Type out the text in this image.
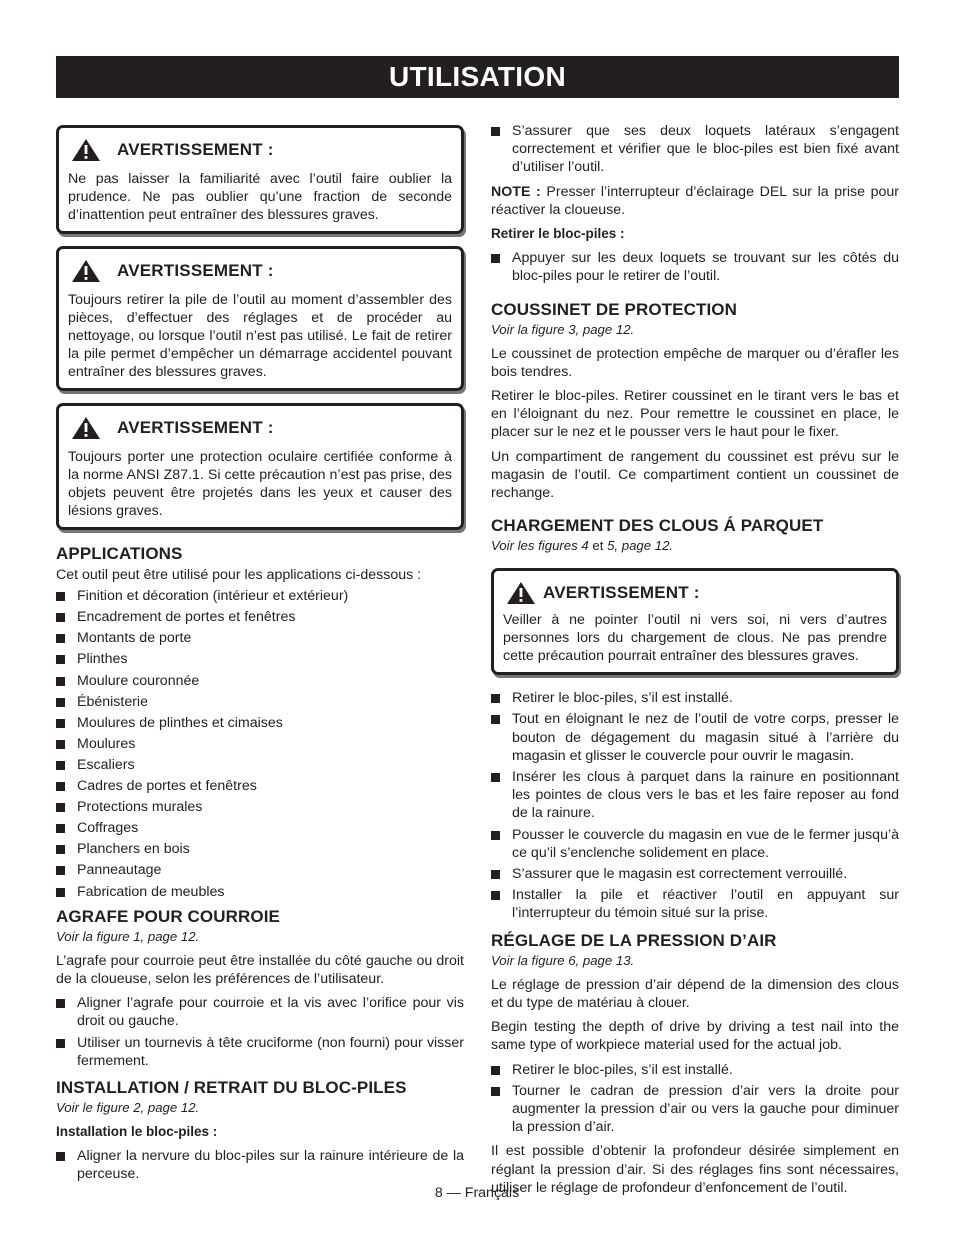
UTILISATION
AVERTISSEMENT :

Ne pas laisser la familiarité avec l’outil faire oublier la prudence. Ne pas oublier qu’une fraction de seconde d’inattention peut entraîner des blessures graves.

AVERTISSEMENT :

Toujours retirer la pile de l’outil au moment d’assembler des pièces, d’effectuer des réglages et de procéder au nettoyage, ou lorsque l’outil n’est pas utilisé. Le fait de retirer la pile permet d’empêcher un démarrage accidentel pouvant entraîner des blessures graves.

AVERTISSEMENT :

Toujours porter une protection oculaire certifiée conforme à la norme ANSI Z87.1. Si cette précaution n’est pas prise, des objets peuvent être projetés dans les yeux et causer des lésions graves.

APPLICATIONS

Cet outil peut être utilisé pour les applications ci-dessous :

Finition et décoration (intérieur et extérieur)
Encadrement de portes et fenêtres
Montants de porte
Plinthes
Moulure couronnée
Ébénisterie
Moulures de plinthes et cimaises
Moulures
Escaliers
Cadres de portes et fenêtres
Protections murales
Coffrages
Planchers en bois
Panneautage
Fabrication de meubles
AGRAFE POUR COURROIE

Voir la figure 1, page 12.

L’agrafe pour courroie peut être installée du côté gauche ou droit de la cloueuse, selon les préférences de l’utilisateur.

Aligner l’agrafe pour courroie et la vis avec l’orifice pour vis droit ou gauche.
Utiliser un tournevis à tête cruciforme (non fourni) pour visser fermement.
INSTALLATION / RETRAIT DU BLOC-PILES

Voir le figure 2, page 12.

Installation le bloc-piles :

Aligner la nervure du bloc-piles sur la rainure intérieure de la perceuse.
S’assurer que ses deux loquets latéraux s’engagent correctement et vérifier que le bloc-piles est bien fixé avant d’utiliser l’outil.

NOTE : Presser l’interrupteur d’éclairage DEL sur la prise pour réactiver la cloueuse.

Retirer le bloc-piles :

Appuyer sur les deux loquets se trouvant sur les côtés du bloc-piles pour le retirer de l’outil.
COUSSINET DE PROTECTION

Voir la figure 3, page 12.

Le coussinet de protection empêche de marquer ou d’érafler les bois tendres.

Retirer le bloc-piles. Retirer coussinet en le tirant vers le bas et en l’éloignant du nez. Pour remettre le coussinet en place, le placer sur le nez et le pousser vers le haut pour le fixer.

Un compartiment de rangement du coussinet est prévu sur le magasin de l’outil. Ce compartiment contient un coussinet de rechange.

CHARGEMENT DES CLOUS Á PARQUET

Voir les figures 4 et 5, page 12.

AVERTISSEMENT :

Veiller à ne pointer l’outil ni vers soi, ni vers d’autres personnes lors du chargement de clous. Ne pas prendre cette précaution pourrait entraîner des blessures graves.

Retirer le bloc-piles, s’il est installé.
Tout en éloignant le nez de l’outil de votre corps, presser le bouton de dégagement du magasin situé à l’arrière du magasin et glisser le couvercle pour ouvrir le magasin.
Insérer les clous à parquet dans la rainure en positionnant les pointes de clous vers le bas et les faire reposer au fond de la rainure.
Pousser le couvercle du magasin en vue de le fermer jusqu’à ce qu’il s’enclenche solidement en place.
S’assurer que le magasin est correctement verrouillé.
Installer la pile et réactiver l’outil en appuyant sur l’interrupteur du témoin situé sur la prise.
RÉGLAGE DE LA PRESSION D’AIR

Voir la figure 6, page 13.

Le réglage de pression d’air dépend de la dimension des clous et du type de matériau à clouer.

Begin testing the depth of drive by driving a test nail into the same type of workpiece material used for the actual job.

Retirer le bloc-piles, s’il est installé.
Tourner le cadran de pression d’air vers la droite pour augmenter la pression d’air ou vers la gauche pour diminuer la pression d’air.

Il est possible d’obtenir la profondeur désirée simplement en réglant la pression d’air. Si des réglages fins sont nécessaires, utiliser le réglage de profondeur d’enfoncement de l’outil.

8 — Français
